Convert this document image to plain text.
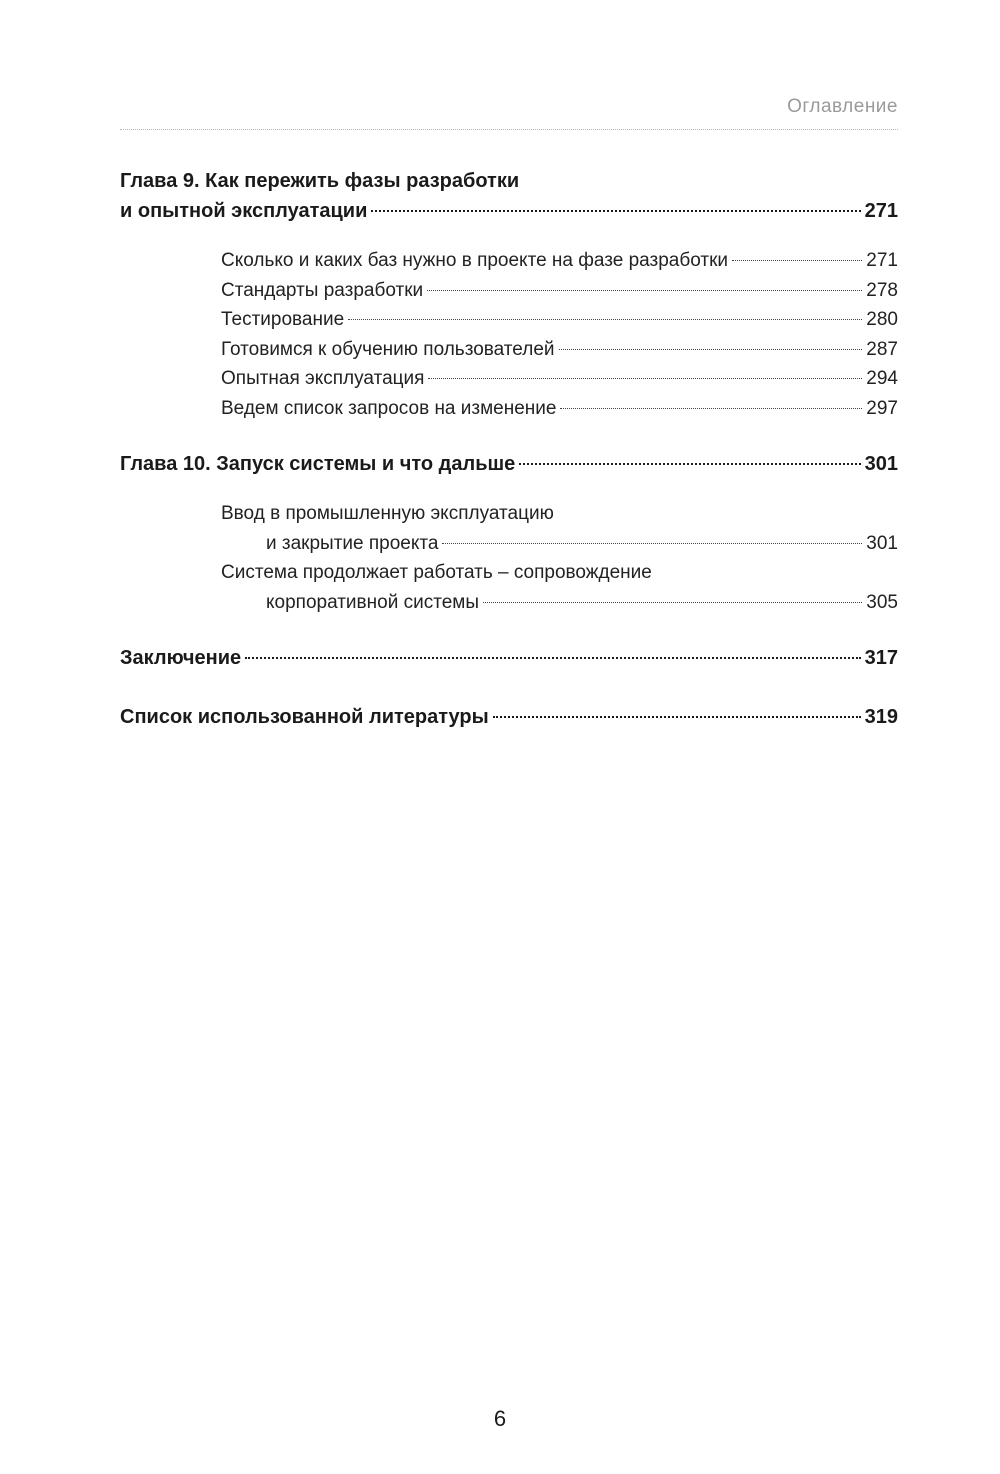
Оглавление
Глава 9. Как пережить фазы разработки
и опытной эксплуатации	271
Сколько и каких баз нужно в проекте на фазе разработки	271
Стандарты разработки	278
Тестирование	280
Готовимся к обучению пользователей	287
Опытная эксплуатация	294
Ведем список запросов на изменение	297
Глава 10. Запуск системы и что дальше	301
Ввод в промышленную эксплуатацию
и закрытие проекта	301
Система продолжает работать – сопровождение
корпоративной системы	305
Заключение	317
Список использованной литературы	319
6
